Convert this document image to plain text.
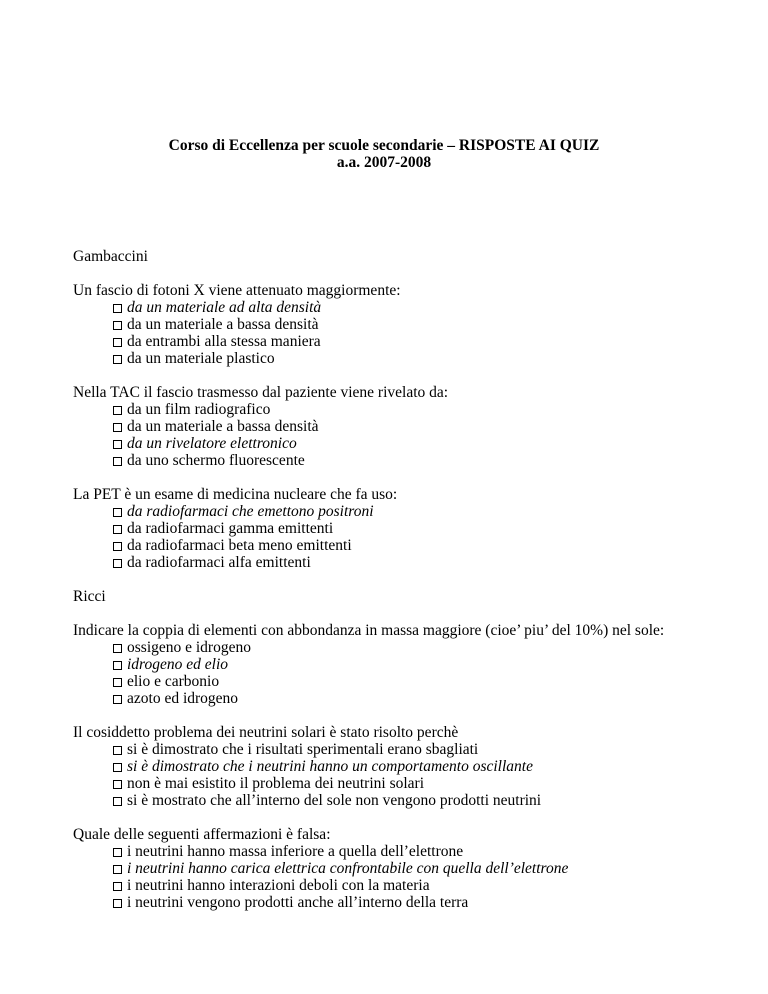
Corso di Eccellenza per scuole secondarie – RISPOSTE AI QUIZ
a.a. 2007-2008
Gambaccini
Un fascio di fotoni X viene attenuato maggiormente:
da un materiale ad alta densità
da un materiale a bassa densità
da entrambi alla stessa maniera
da un materiale plastico
Nella TAC il fascio trasmesso dal paziente viene rivelato da:
da un film radiografico
da un materiale a bassa densità
da un rivelatore elettronico
da uno schermo fluorescente
La PET è un esame di medicina nucleare che fa uso:
da radiofarmaci che emettono positroni
da radiofarmaci gamma emittenti
da radiofarmaci beta meno emittenti
da radiofarmaci alfa emittenti
Ricci
Indicare la coppia di elementi con abbondanza in massa maggiore (cioe’ piu’ del 10%) nel sole:
ossigeno e idrogeno
idrogeno ed elio
elio e carbonio
azoto ed idrogeno
Il cosiddetto problema dei neutrini solari è stato risolto perchè
si è dimostrato che i risultati sperimentali erano sbagliati
si è dimostrato che i neutrini hanno un comportamento oscillante
non è mai esistito il problema dei neutrini solari
si è mostrato che all’interno del sole non vengono prodotti neutrini
Quale delle seguenti affermazioni è falsa:
i neutrini hanno massa inferiore a quella dell’elettrone
i neutrini hanno carica elettrica confrontabile con quella dell’elettrone
i neutrini hanno interazioni deboli con la materia
i neutrini vengono prodotti anche all’interno della terra
